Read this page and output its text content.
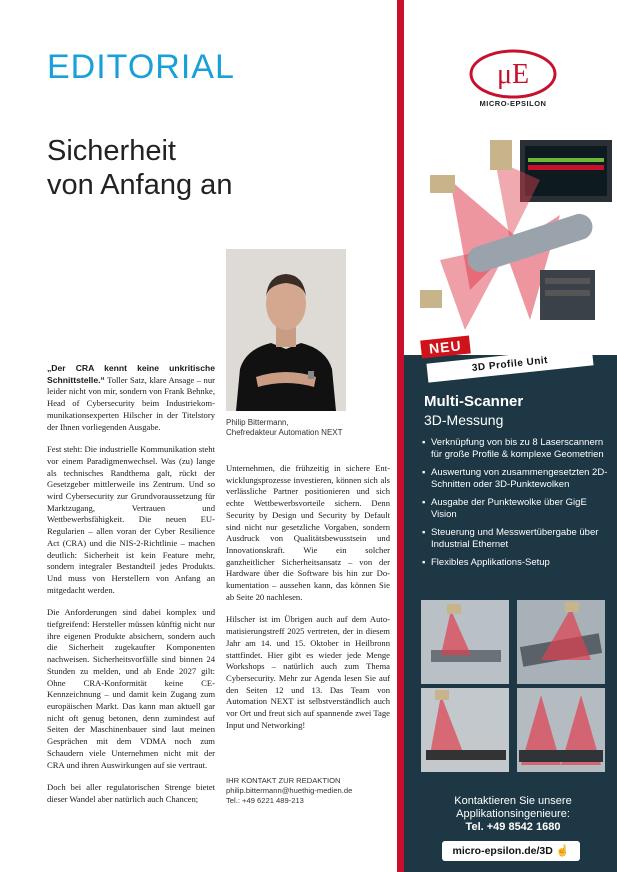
EDITORIAL
Sicherheit
von Anfang an
Philip Bittermann,
Chefredakteur Automation NEXT

„Der CRA kennt keine unkritische Schnittstelle.“ Toller Satz, klare Ansage – nur leider nicht von mir, sondern von Frank Behnke, Head of Cybersecurity beim Industriekommunikationsexperten Hilscher in der Titelstory der Ihnen vorliegenden Ausgabe.

Fest steht: Die industrielle Kommunikation steht vor einem Paradigmenwechsel. Was (zu) lange als technisches Randthema galt, rückt der Gesetzgeber mittlerweile ins Zentrum. Und so wird Cybersecurity zur Grundvoraussetzung für Marktzugang, Vertrauen und Wettbewerbsfähigkeit. Die neuen EU-Regularien – allen voran der Cyber Resilience Act (CRA) und die NIS-2-Richtlinie – machen deutlich: Sicherheit ist kein Feature mehr, sondern integraler Bestandteil jedes Produkts. Und muss von Herstellern von Anfang an mitgedacht werden.

Die Anforderungen sind dabei komplex und tiefgreifend: Hersteller müssen künftig nicht nur ihre eigenen Produkte absichern, sondern auch die Sicherheit zugekaufter Komponenten nachweisen. Sicherheitsvorfälle sind binnen 24 Stunden zu melden, und ab Ende 2027 gilt: Ohne CRA-Konformität keine CE-Kennzeichnung – und damit kein Zugang zum europäischen Markt. Das kann man aktuell gar nicht oft genug betonen, denn zumindest auf Seiten der Maschinenbauer sind laut meinen Gesprächen mit dem VDMA noch zum Schaudern viele Unternehmen nicht mit der CRA und ihren Auswirkungen auf sie vertraut.

Doch bei aller regulatorischen Strenge bietet dieser Wandel aber natürlich auch Chancen;

Unternehmen, die frühzeitig in sichere Entwicklungsprozesse investieren, können sich als verlässliche Partner positionieren und sich echte Wettbewerbsvorteile sichern. Denn Security by Design und Security by Default sind nicht nur gesetzliche Vorgaben, sondern Ausdruck von Qualitätsbewusstsein und Innovationskraft. Wie ein solcher ganzheitlicher Sicherheitsansatz – von der Hardware über die Software bis hin zur Dokumentation – aussehen kann, das können Sie ab Seite 20 nachlesen.

Hilscher ist im Übrigen auch auf dem Automatisierungstreff 2025 vertreten, der in diesem Jahr am 14. und 15. Oktober in Heilbronn stattfindet. Hier gibt es wieder jede Menge Workshops – natürlich auch zum Thema Cybersecurity. Mehr zur Agenda lesen Sie auf den Seiten 12 und 13. Das Team von Automation NEXT ist selbstverständlich auch vor Ort und freut sich auf spannende zwei Tage Input und Networking!

IHR KONTAKT ZUR REDAKTION
philip.bittermann@huethig-medien.de
Tel.: +49 6221 489-213
μE
MICRO-EPSILON
NEU
3D Profile Unit
Multi-Scanner
3D-Messung
▪ Verknüpfung von bis zu 8 Laserscannern für große Profile & komplexe Geometrien
▪ Auswertung von zusammengesetzten 2D-Schnitten oder 3D-Punktewolken
▪ Ausgabe der Punktewolke über GigE Vision
▪ Steuerung und Messwertübergabe über Industrial Ethernet
▪ Flexibles Applikations-Setup
Kontaktieren Sie unsere
Applikationsingenieure:
Tel. +49 8542 1680
micro-epsilon.de/3D ☝
